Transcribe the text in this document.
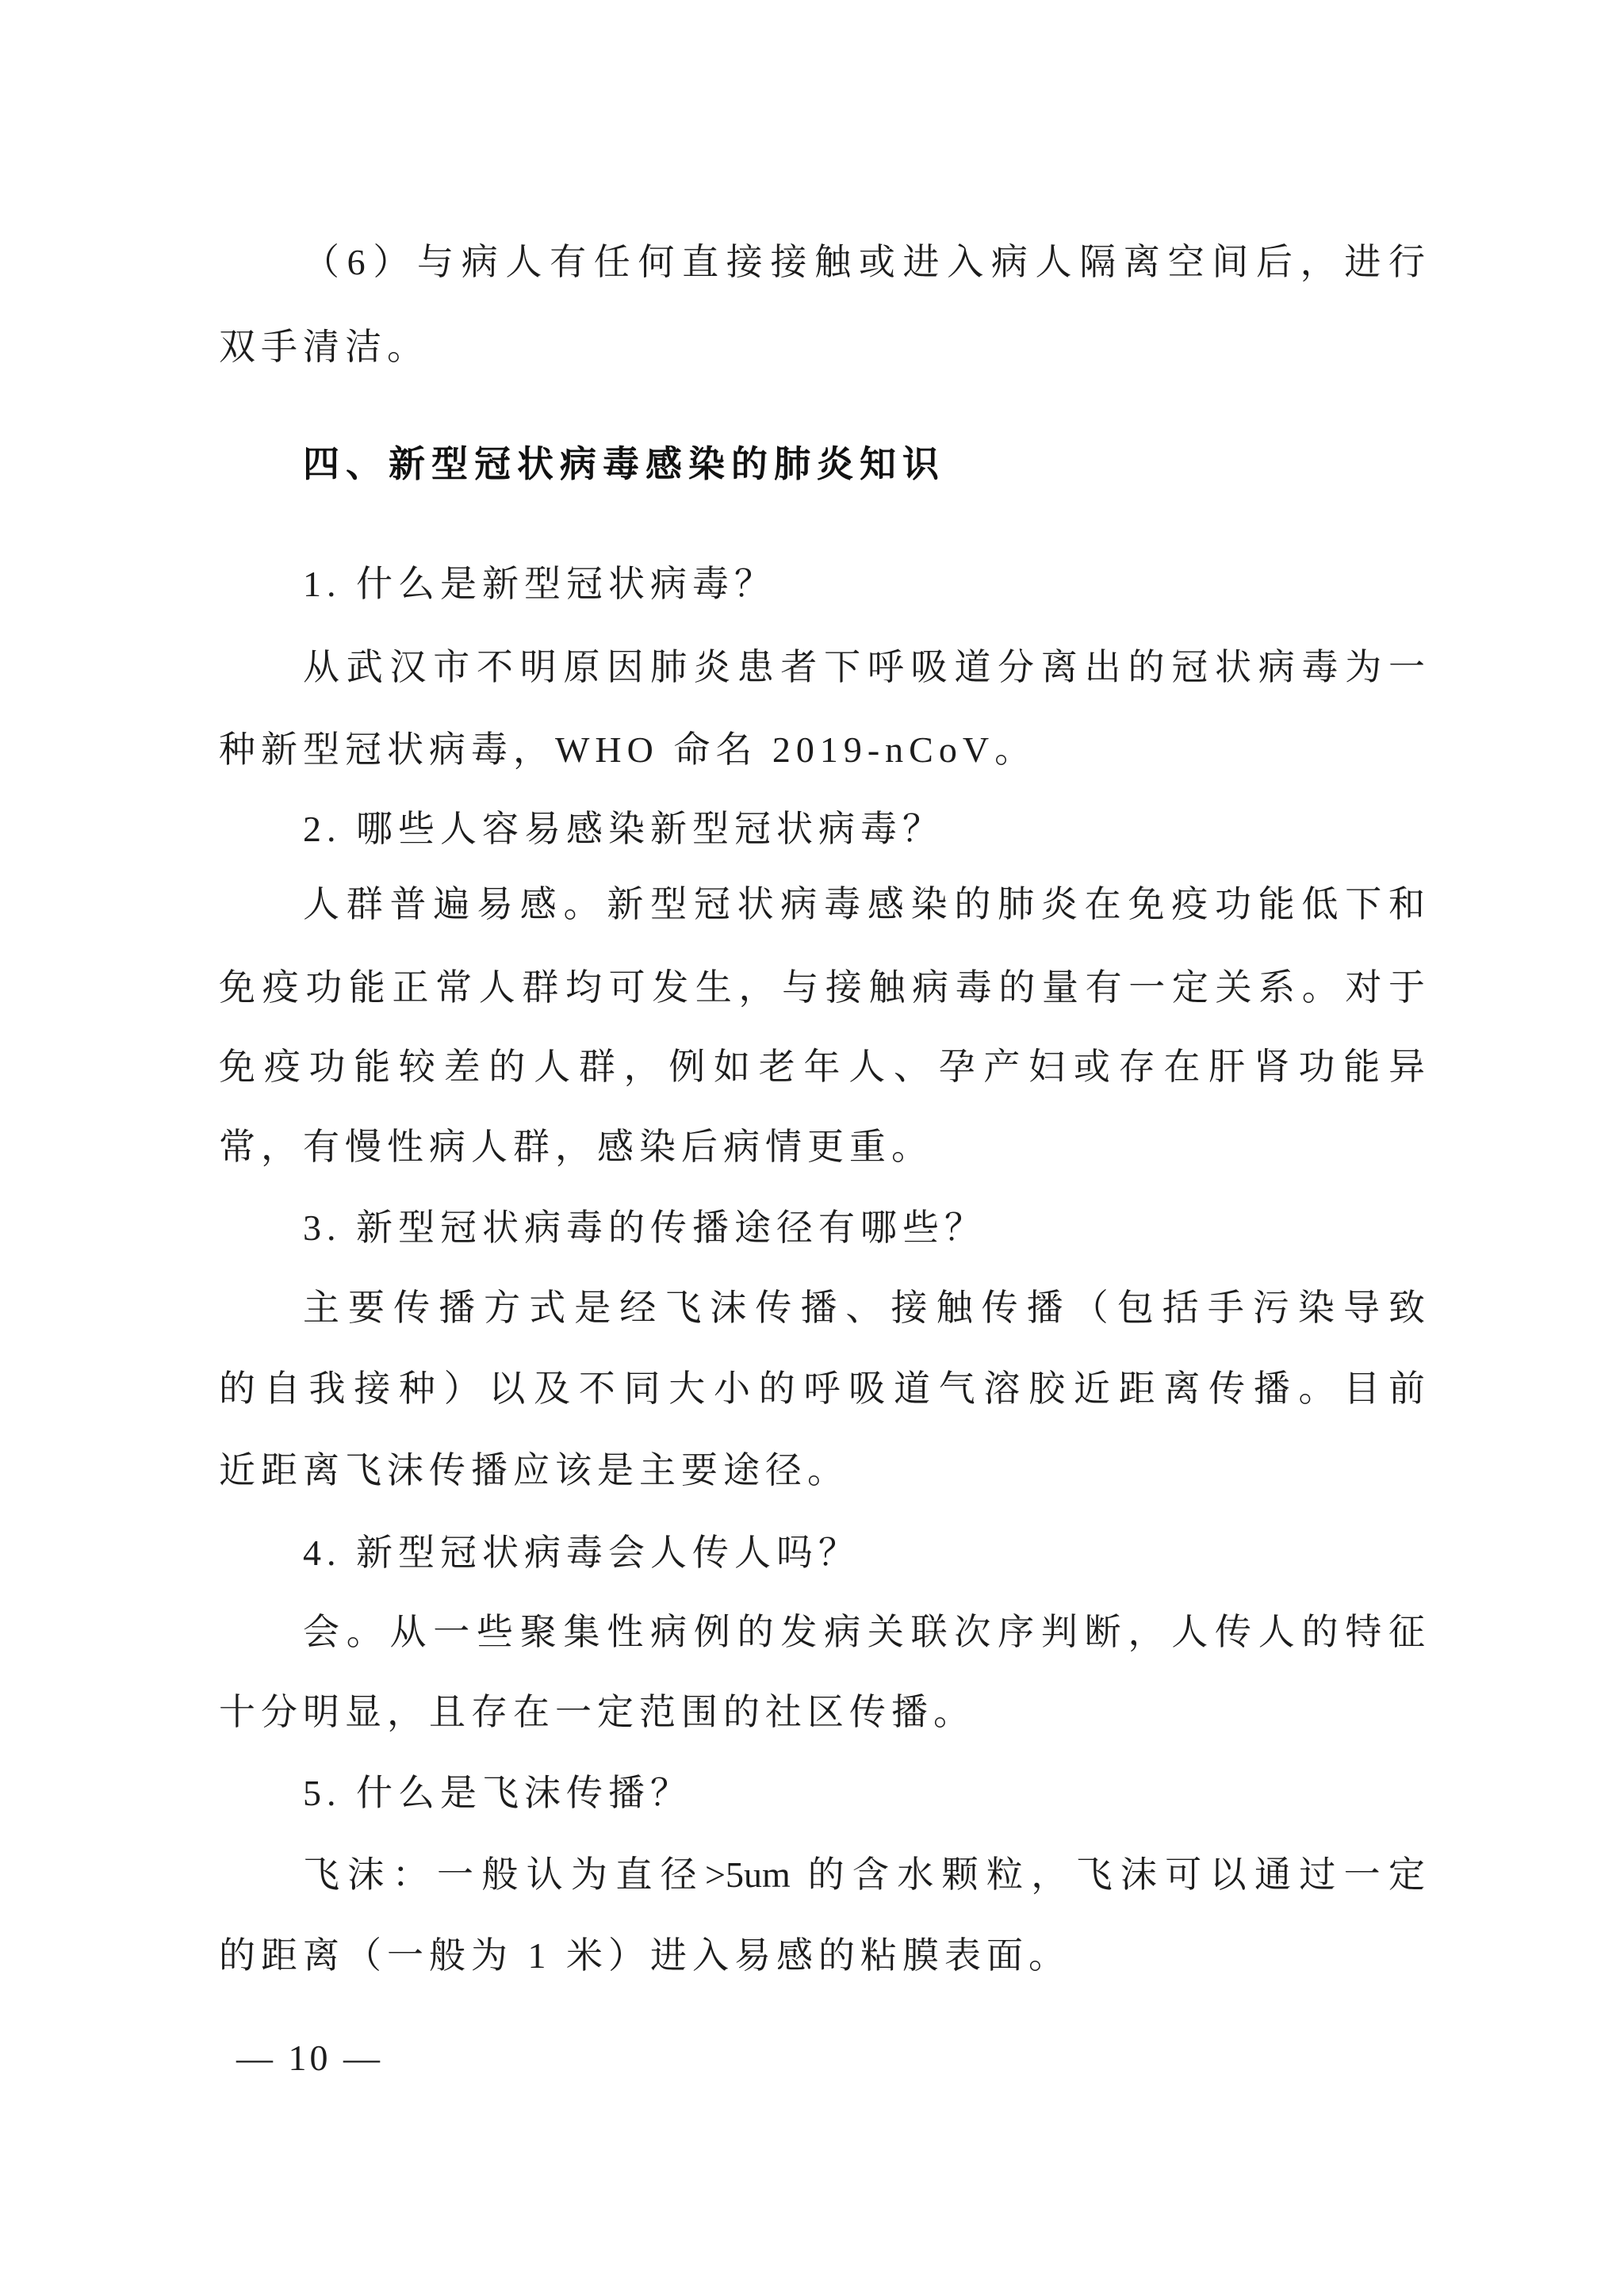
（6）与病人有任何直接接触或进入病人隔离空间后，进行
双手清洁。
四、新型冠状病毒感染的肺炎知识
1. 什么是新型冠状病毒？
从武汉市不明原因肺炎患者下呼吸道分离出的冠状病毒为一
种新型冠状病毒，WHO 命名 2019-nCoV。
2. 哪些人容易感染新型冠状病毒？
人群普遍易感。新型冠状病毒感染的肺炎在免疫功能低下和
免疫功能正常人群均可发生，与接触病毒的量有一定关系。对于
免疫功能较差的人群，例如老年人、孕产妇或存在肝肾功能异
常，有慢性病人群，感染后病情更重。
3. 新型冠状病毒的传播途径有哪些？
主要传播方式是经飞沫传播、接触传播（包括手污染导致
的自我接种）以及不同大小的呼吸道气溶胶近距离传播。目前
近距离飞沫传播应该是主要途径。
4. 新型冠状病毒会人传人吗？
会。从一些聚集性病例的发病关联次序判断，人传人的特征
十分明显，且存在一定范围的社区传播。
5. 什么是飞沫传播？
飞沫：一般认为直径>5um 的含水颗粒，飞沫可以通过一定
的距离（一般为 1 米）进入易感的粘膜表面。
— 10 —
